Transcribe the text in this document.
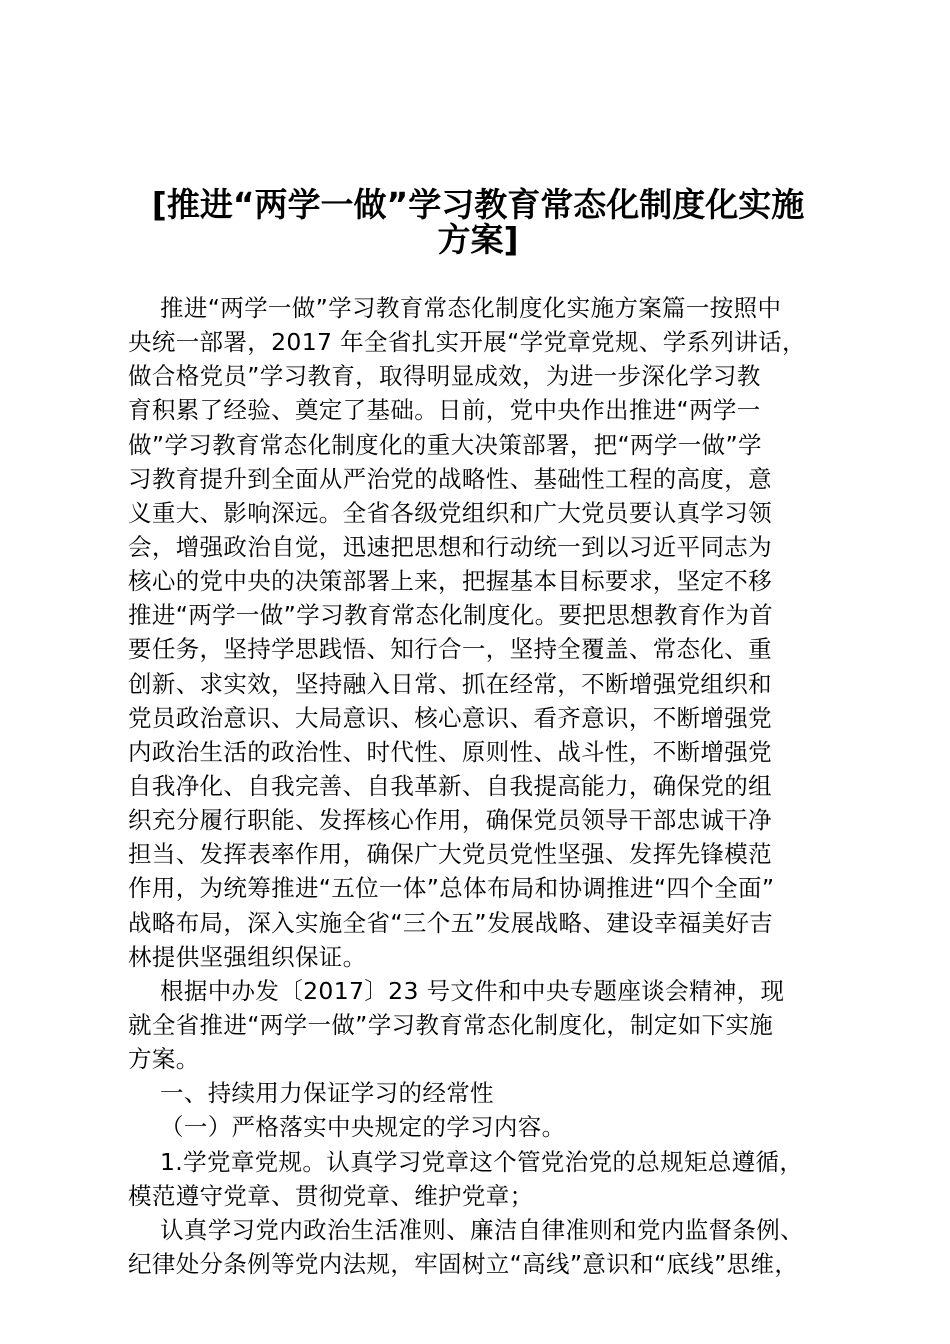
[推进“两学一做”学习教育常态化制度化实施
方案]
推进“两学一做”学习教育常态化制度化实施方案篇一按照中
央统一部署，2017 年全省扎实开展“学党章党规、学系列讲话，
做合格党员”学习教育，取得明显成效，为进一步深化学习教
育积累了经验、奠定了基础。日前，党中央作出推进“两学一
做”学习教育常态化制度化的重大决策部署，把“两学一做”学
习教育提升到全面从严治党的战略性、基础性工程的高度，意
义重大、影响深远。全省各级党组织和广大党员要认真学习领
会，增强政治自觉，迅速把思想和行动统一到以习近平同志为
核心的党中央的决策部署上来，把握基本目标要求，坚定不移
推进“两学一做”学习教育常态化制度化。要把思想教育作为首
要任务，坚持学思践悟、知行合一，坚持全覆盖、常态化、重
创新、求实效，坚持融入日常、抓在经常，不断增强党组织和
党员政治意识、大局意识、核心意识、看齐意识，不断增强党
内政治生活的政治性、时代性、原则性、战斗性，不断增强党
自我净化、自我完善、自我革新、自我提高能力，确保党的组
织充分履行职能、发挥核心作用，确保党员领导干部忠诚干净
担当、发挥表率作用，确保广大党员党性坚强、发挥先锋模范
作用，为统筹推进“五位一体”总体布局和协调推进“四个全面”
战略布局，深入实施全省“三个五”发展战略、建设幸福美好吉
林提供坚强组织保证。
根据中办发〔2017〕23 号文件和中央专题座谈会精神，现
就全省推进“两学一做”学习教育常态化制度化，制定如下实施
方案。
一、持续用力保证学习的经常性
（一）严格落实中央规定的学习内容。
1.学党章党规。认真学习党章这个管党治党的总规矩总遵循，
模范遵守党章、贯彻党章、维护党章；
认真学习党内政治生活准则、廉洁自律准则和党内监督条例、
纪律处分条例等党内法规，牢固树立“高线”意识和“底线”思维，
